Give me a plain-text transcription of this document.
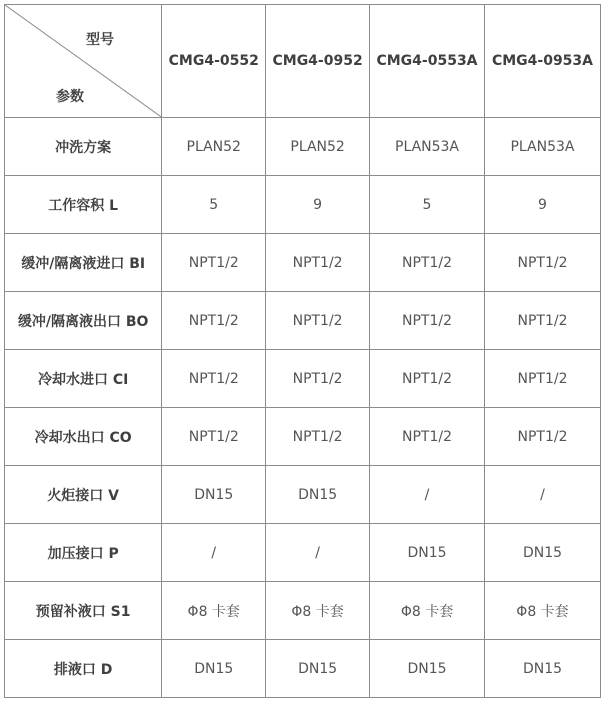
型号
参数	CMG4-0552	CMG4-0952	CMG4-0553A	CMG4-0953A
冲洗方案	PLAN52	PLAN52	PLAN53A	PLAN53A
工作容积 L	5	9	5	9
缓冲/隔离液进口 BI	NPT1/2	NPT1/2	NPT1/2	NPT1/2
缓冲/隔离液出口 BO	NPT1/2	NPT1/2	NPT1/2	NPT1/2
冷却水进口 CI	NPT1/2	NPT1/2	NPT1/2	NPT1/2
冷却水出口 CO	NPT1/2	NPT1/2	NPT1/2	NPT1/2
火炬接口 V	DN15	DN15	/	/
加压接口 P	/	/	DN15	DN15
预留补液口 S1	Φ8 卡套	Φ8 卡套	Φ8 卡套	Φ8 卡套
排液口 D	DN15	DN15	DN15	DN15
